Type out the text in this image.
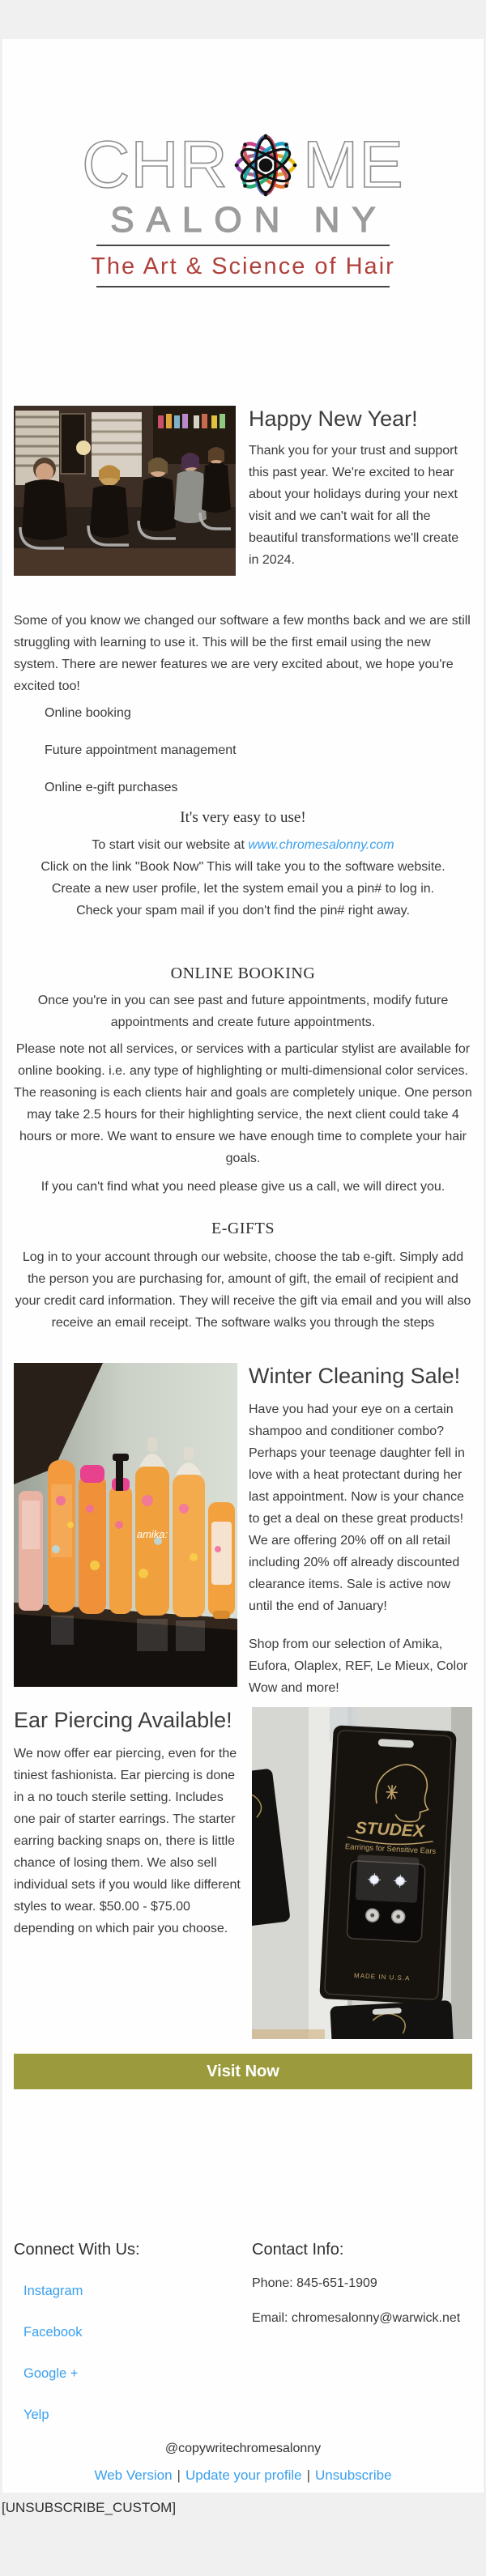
CHR ME
SALON NY
The Art & Science of Hair
Happy New Year!

Thank you for your trust and support this past year. We're excited to hear about your holidays during your next visit and we can't wait for all the beautiful transformations we'll create in 2024.

Some of you know we changed our software a few months back and we are still struggling with learning to use it. This will be the first email using the new system. There are newer features we are very excited about, we hope you're excited too!

Online booking
Future appointment management
Online e-gift purchases

It's very easy to use!

To start visit our website at www.chromesalonny.com

Click on the link "Book Now" This will take you to the software website.

Create a new user profile, let the system email you a pin# to log in.

Check your spam mail if you don't find the pin# right away.

ONLINE BOOKING

Once you're in you can see past and future appointments, modify future appointments and create future appointments.

Please note not all services, or services with a particular stylist are available for online booking. i.e. any type of highlighting or multi-dimensional color services. The reasoning is each clients hair and goals are completely unique. One person may take 2.5 hours for their highlighting service, the next client could take 4 hours or more. We want to ensure we have enough time to complete your hair goals.

If you can't find what you need please give us a call, we will direct you.

E-GIFTS

Log in to your account through our website, choose the tab e-gift. Simply add the person you are purchasing for, amount of gift, the email of recipient and your credit card information. They will receive the gift via email and you will also receive an email receipt. The software walks you through the steps

amika:
Winter Cleaning Sale!

Have you had your eye on a certain shampoo and conditioner combo? Perhaps your teenage daughter fell in love with a heat protectant during her last appointment. Now is your chance to get a deal on these great products! We are offering 20% off on all retail including 20% off already discounted clearance items. Sale is active now until the end of January!

Shop from our selection of Amika, Eufora, Olaplex, REF, Le Mieux, Color Wow and more!

Ear Piercing Available!

We now offer ear piercing, even for the tiniest fashionista. Ear piercing is done in a no touch sterile setting. Includes one pair of starter earrings. The starter earring backing snaps on, there is little chance of losing them. We also sell individual sets if you would like different styles to wear. $50.00 - $75.00 depending on which pair you choose.

STUDEX
Earrings for Sensitive Ears
MADE IN U.S.A
Visit Now
Connect With Us:
Instagram
Facebook
Google +
Yelp
Contact Info:

Phone: 845-651-1909

Email: chromesalonny@warwick.net

@copywritechromesalonny

Web Version | Update your profile | Unsubscribe

[UNSUBSCRIBE_CUSTOM]
